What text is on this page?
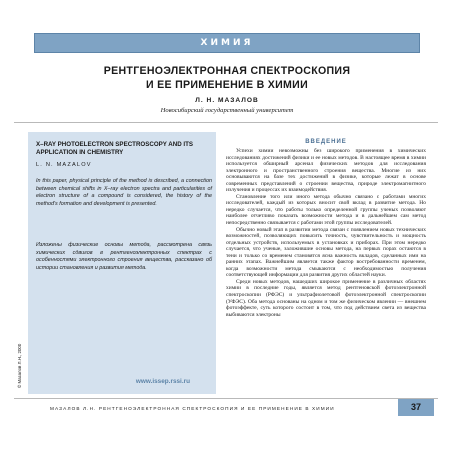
ХИМИЯ
РЕНТГЕНОЭЛЕКТРОННАЯ СПЕКТРОСКОПИЯ
И ЕЕ ПРИМЕНЕНИЕ В ХИМИИ
Л. Н. МАЗАЛОВ
Новосибирский государственный университет
X–RAY PHOTOELECTRON SPECTROSCOPY AND ITS APPLICATION IN CHEMISTRY
L. N. MAZALOV
In this paper, physical principle of the method is described, a connection between chemical shifts in X–ray electron spectra and particularities of electron structure of a compound is considered, the history of the method's formation and development is presented.
Изложены физические основы метода, рассмотрена связь химических сдвигов в рентгеноэлектронных спектрах с особенностями электронного строения вещества, рассказано об истории становления и развития метода.
www.issep.rssi.ru
© Мазалов Л.Н., 2000
ВВЕДЕНИЕ

Успехи химии невозможны без широкого применения в химических исследованиях достижений физики и ее новых методов. В настоящее время в химии используется обширный арсенал физических методов для исследования электронного и пространственного строения вещества. Многие из них основываются на базе тех достижений в физике, которые лежат в основе современных представлений о строении вещества, природе электромагнитного излучения и процессах их взаимодействия.

Становление того или иного метода обычно связано с работами многих исследователей, каждый из которых вносит свой вклад в развитие метода. Но нередко случается, что работы только определенной группы ученых позволяют наиболее отчетливо показать возможности метода и в дальнейшем сам метод непосредственно связывается с работами этой группы исследователей.

Обычно новый этап в развитии метода связан с появлением новых технических возможностей, позволяющих повысить точность, чувствительность и мощность отдельных устройств, используемых в установках и приборах. При этом нередко случается, что ученые, заложившие основы метода, на первых порах остаются в тени и только со временем становятся ясна важность вкладов, сделанных ими на ранних этапах. Важнейшим является также фактор востребованности временем, когда возможности метода смыкаются с необходимостью получения соответствующей информации для развития других областей науки.

Среди новых методов, нашедших широкое применение в различных областях химии в последние годы, является метод рентгеновской фотоэлектронной спектроскопии (РФЭС) и ультрафиолетовой фотоэлектронной спектроскопии (УФЭС). Оба метода основаны на одном и том же физическом явлении — внешнем фотоэффекте, суть которого состоит в том, что под действием света из вещества выбиваются электроны

МАЗАЛОВ Л.Н. РЕНТГЕНОЭЛЕКТРОННАЯ СПЕКТРОСКОПИЯ И ЕЕ ПРИМЕНЕНИЕ В ХИМИИ	37
